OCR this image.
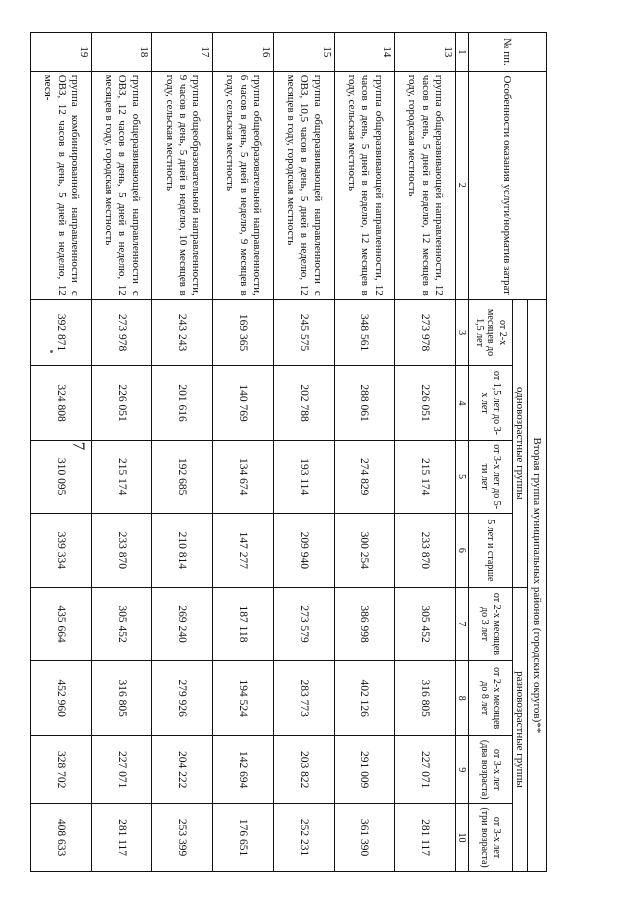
7
№ пп.	Особенности оказания услуги/норматив затрат	Вторая группа муниципальных районов (городских округов)**							
		одновозрастные группы				разновозрастные группы			
		от 2-х месяцев до 1,5 лет	от 1,5 лет до 3-х лет	от 3-х лет до 5-ти лет	5 лет и старше	от 2-х месяцев до 3 лет	от 2-х месяцев до 8 лет	от 3-х лет (два возраста)	от 3-х лет (три возраста)
1	2	3	4	5	6	7	8	9	10
13	группа общеразвивающей направленности, 12 часов в день, 5 дней в неделю, 12 месяцев в году, городская местность	273 978	226 051	215 174	233 870	305 452	316 805	227 071	281 117
14	группа общеразвивающей направленности, 12 часов в день, 5 дней в неделю, 12 месяцев в году, сельская местность	348 561	288 061	274 829	300 254	386 998	402 126	291 009	361 390
15	группа общеразвивающей направленности с ОВЗ, 10,5 часов в день, 5 дней в неделю, 12 месяцев в году, городская местность	245 575	202 788	193 114	209 940	273 579	283 773	203 822	252 231
16	группа общеобразовательной направленности, 6 часов в день, 5 дней в неделю, 9 месяцев в году, сельская местность	169 365	140 769	134 674	147 277	187 118	194 524	142 694	176 651
17	группа общеобразовательной направленности, 9 часов в день, 5 дней в неделю, 10 месяцев в году, сельская местность	243 243	201 616	192 685	210 814	269 240	279 926	204 222	253 399
18	группа общеразвивающей направленности с ОВЗ, 12 часов в день, 5 дней в неделю, 12 месяцев в году, городская местность	273 978	226 051	215 174	233 870	305 452	316 805	227 071	281 117
19	группа комбинированной направленности с ОВЗ, 12 часов в день, 5 дней в неделю, 12 меся-	392 871	324 808	310 095	339 334	435 664	452 960	328 702	408 633
